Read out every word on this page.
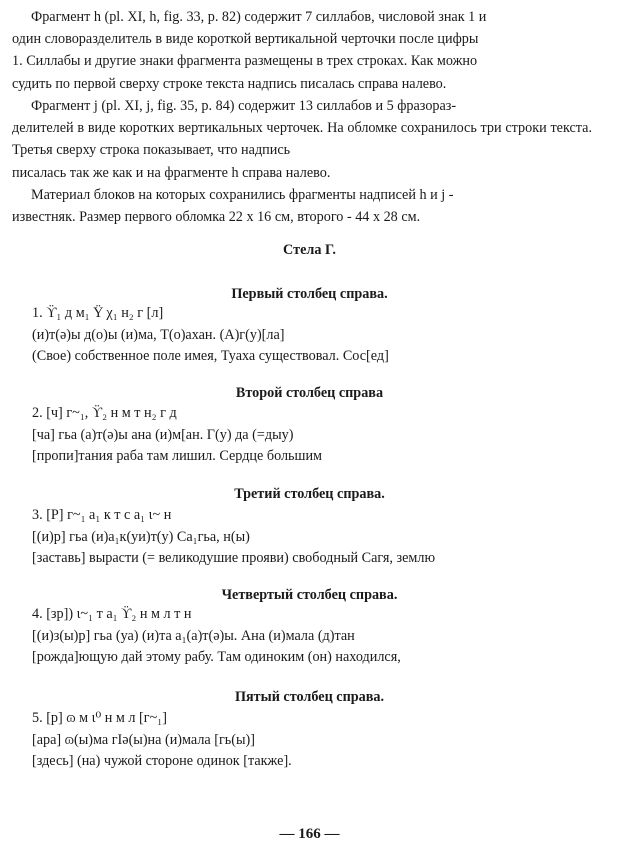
Фрагмент h (pl. XI, h, fig. 33, p. 82) содержит 7 силлабов, числовой знак 1 и
один словоразделитель в виде короткой вертикальной черточки после цифры
1. Силлабы и другие знаки фрагмента размещены в трех строках. Как можно
судить по первой сверху строке текста надпись писалась справа налево.
Фрагмент j (pl. XI, j, fig. 35, p. 84) содержит 13 силлабов и 5 фразораз-
делителей в виде коротких вертикальных черточек. На обломке сохранилось три строки текста. Третья сверху строка показывает, что надпись
писалась так же как и на фрагменте h справа налево.
Материал блоков на которых сохранились фрагменты надписей h и j -
известняк. Размер первого обломка 22 х 16 см, второго - 44 х 28 см.
Стела Г.
Первый столбец справа.
1. ϔ₁ д м₁ Ϋ χ₁ н₂ г [л]
(и)т(ə)ы д(о)ы (и)ма, Т(о)ахан. (А)г(у)[ла]
(Свое) собственное поле имея, Туаха существовал. Сос[ед]
Второй столбец справа
2. [ч] г~₁, ϔ₂ н м т н₂ г д
[ча] гьа (а)т(ə)ы ана (и)м[ан. Г(у) да (=дыу)
[пропи]тания раба там лишил. Сердце большим
Третий столбец справа.
3. [Р] г~₁ а₁ к т с а₁ ι~ н
[(и)р] гьа (и)а₁к(уи)т(у) Са₁гьа, н(ы)
[заставь] вырасти (= великодушие прояви) свободный Сагя, землю
Четвертый столбец справа.
4. [зр]) ι~₁ т а₁ ϔ₂ н м л т н
[(и)з(ы)р] гьа (уа) (и)та а₁(а)т(ə)ы. Ана (и)мала (д)тан
[рожда]ющую дай этому рабу. Там одиноким (он) находился,
Пятый столбец справа.
5. [р] ɷ м ι⁰ н м л [г~₁]
[ара] ɷ(ы)ма гIə(ы)на (и)мала [гь(ы)]
[здесь] (на) чужой стороне одинок [также].
— 166 —
